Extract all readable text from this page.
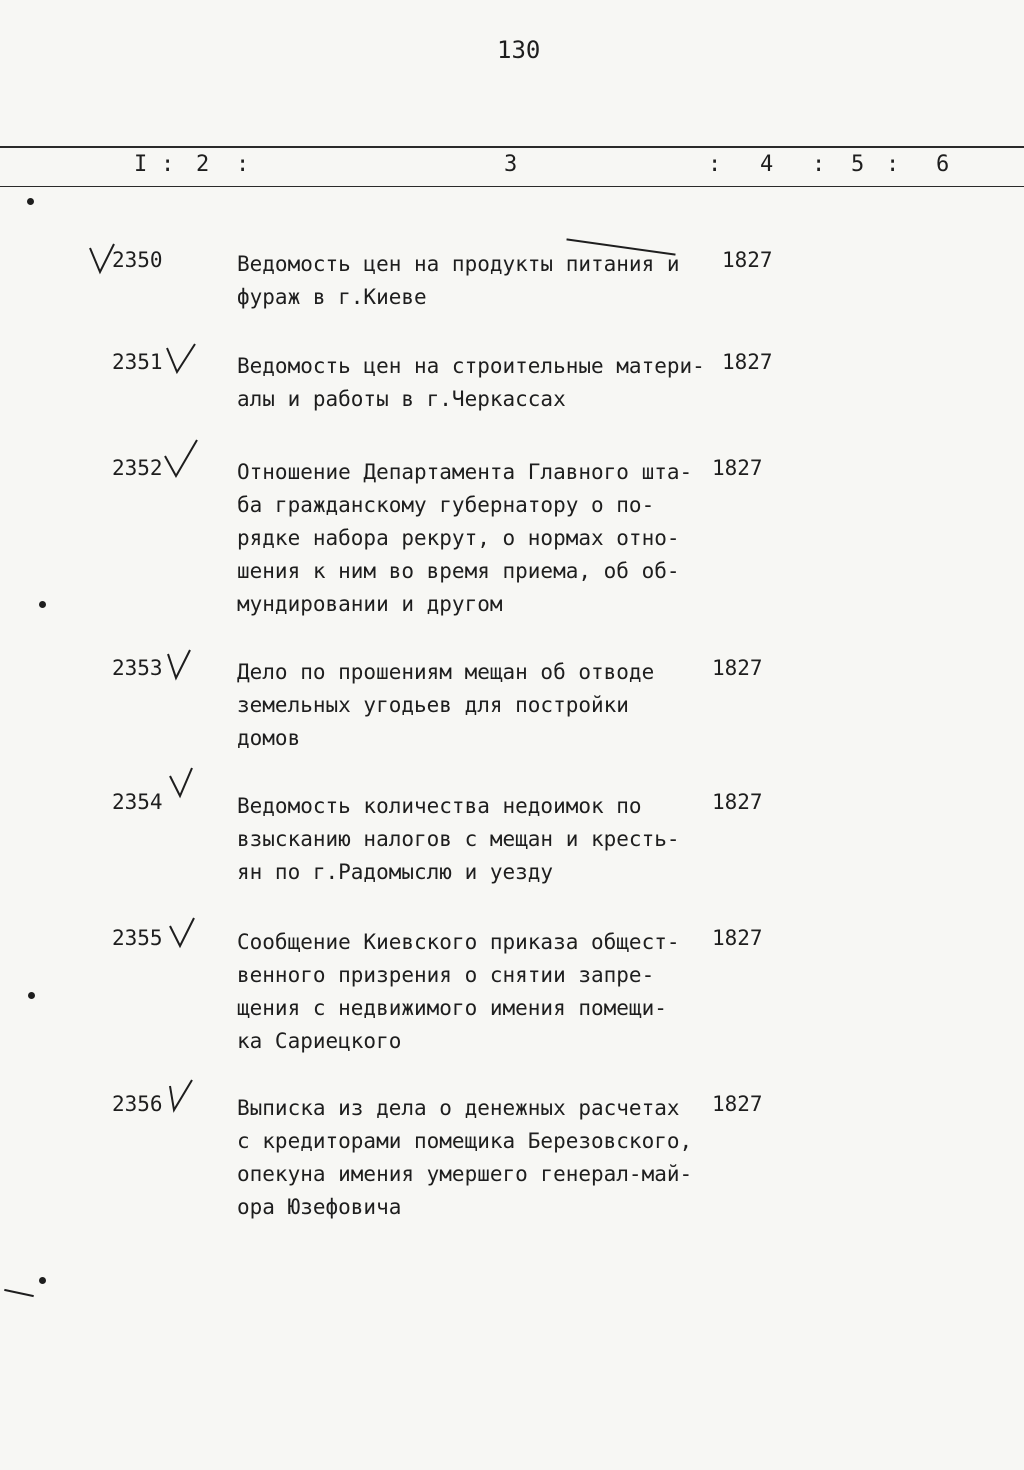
130
I : 2 :	3	: 4 : 5 : 6
2350	Ведомость цен на продукты питания и
фураж в г.Киеве
1827
2351	Ведомость цен на строительные матери-
алы и работы в г.Черкассах
1827
2352	Отношение Департамента Главного шта-
ба гражданскому губернатору о по-
рядке набора рекрут, о нормах отно-
шения к ним во время приема, об об-
мундировании и другом
1827
2353	Дело по прошениям мещан об отводе
земельных угодьев для постройки
домов
1827
2354	Ведомость количества недоимок по
взысканию налогов с мещан и кресть-
ян по г.Радомыслю и уезду
1827
2355	Сообщение Киевского приказа общест-
венного призрения о снятии запре-
щения с недвижимого имения помещи-
ка Сариецкого
1827
2356	Выписка из дела о денежных расчетах
с кредиторами помещика Березовского,
опекуна имения умершего генерал-май-
ора Юзефовича
1827
